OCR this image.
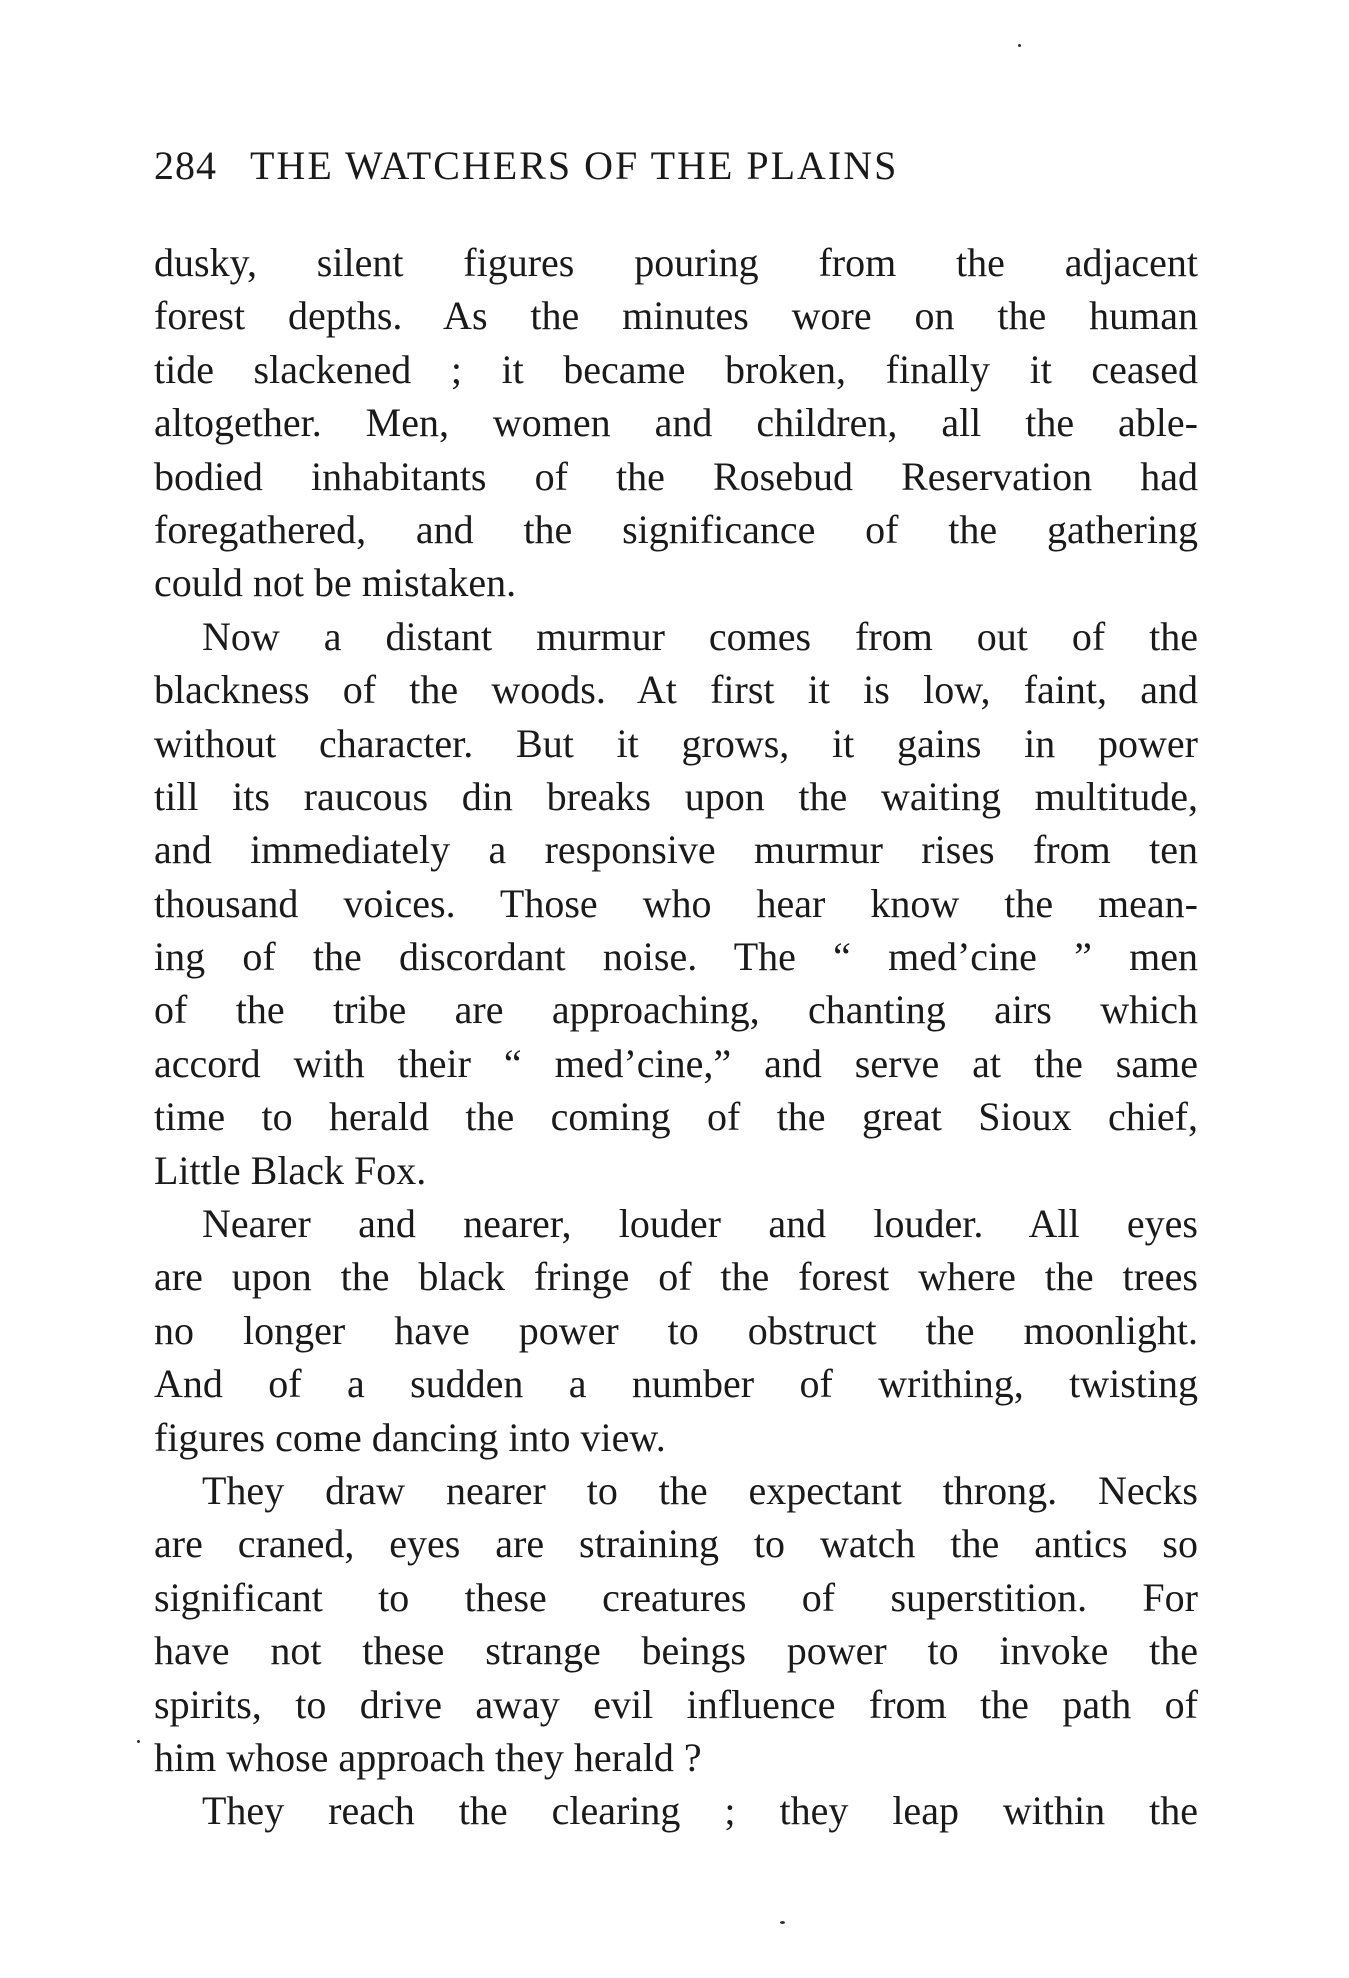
284 THE WATCHERS OF THE PLAINS
dusky, silent figures pouring from the adjacent
forest depths. As the minutes wore on the human
tide slackened ; it became broken, finally it ceased
altogether. Men, women and children, all the able-
bodied inhabitants of the Rosebud Reservation had
foregathered, and the significance of the gathering
could not be mistaken.
Now a distant murmur comes from out of the
blackness of the woods. At first it is low, faint, and
without character. But it grows, it gains in power
till its raucous din breaks upon the waiting multitude,
and immediately a responsive murmur rises from ten
thousand voices. Those who hear know the mean-
ing of the discordant noise. The “ med’cine ” men
of the tribe are approaching, chanting airs which
accord with their “ med’cine,” and serve at the same
time to herald the coming of the great Sioux chief,
Little Black Fox.
Nearer and nearer, louder and louder. All eyes
are upon the black fringe of the forest where the trees
no longer have power to obstruct the moonlight.
And of a sudden a number of writhing, twisting
figures come dancing into view.
They draw nearer to the expectant throng. Necks
are craned, eyes are straining to watch the antics so
significant to these creatures of superstition. For
have not these strange beings power to invoke the
spirits, to drive away evil influence from the path of
him whose approach they herald ?
They reach the clearing ; they leap within the
